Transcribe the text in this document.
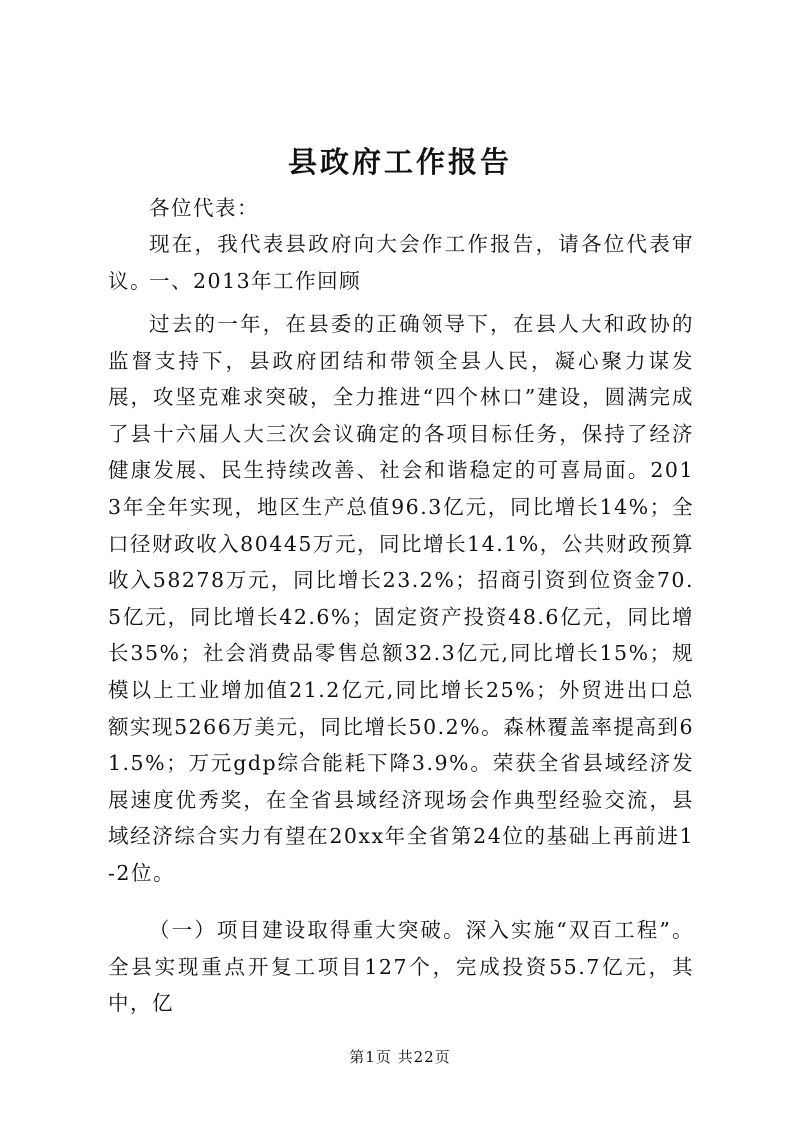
县政府工作报告

各位代表：

现在，我代表县政府向大会作工作报告，请各位代表审议。

一、2013年工作回顾

过去的一年，在县委的正确领导下，在县人大和政协的监督支持下，县政府团结和带领全县人民，凝心聚力谋发展，攻坚克难求突破，全力推进“四个林口”建设，圆满完成了县十六届人大三次会议确定的各项目标任务，保持了经济健康发展、民生持续改善、社会和谐稳定的可喜局面。2013年全年实现，地区生产总值96.3亿元，同比增长14%；全口径财政收入80445万元，同比增长14.1%，公共财政预算收入58278万元，同比增长23.2%；招商引资到位资金70.5亿元，同比增长42.6%；固定资产投资48.6亿元，同比增长35%；社会消费品零售总额32.3亿元,同比增长15%；规模以上工业增加值21.2亿元,同比增长25%；外贸进出口总额实现5266万美元，同比增长50.2%。森林覆盖率提高到61.5%；万元gdp综合能耗下降3.9%。荣获全省县域经济发展速度优秀奖，在全省县域经济现场会作典型经验交流，县域经济综合实力有望在20xx年全省第24位的基础上再前进1-2位。

（一）项目建设取得重大突破。深入实施“双百工程”。全县实现重点开复工项目127个，完成投资55.7亿元，其中，亿

第1页 共22页
